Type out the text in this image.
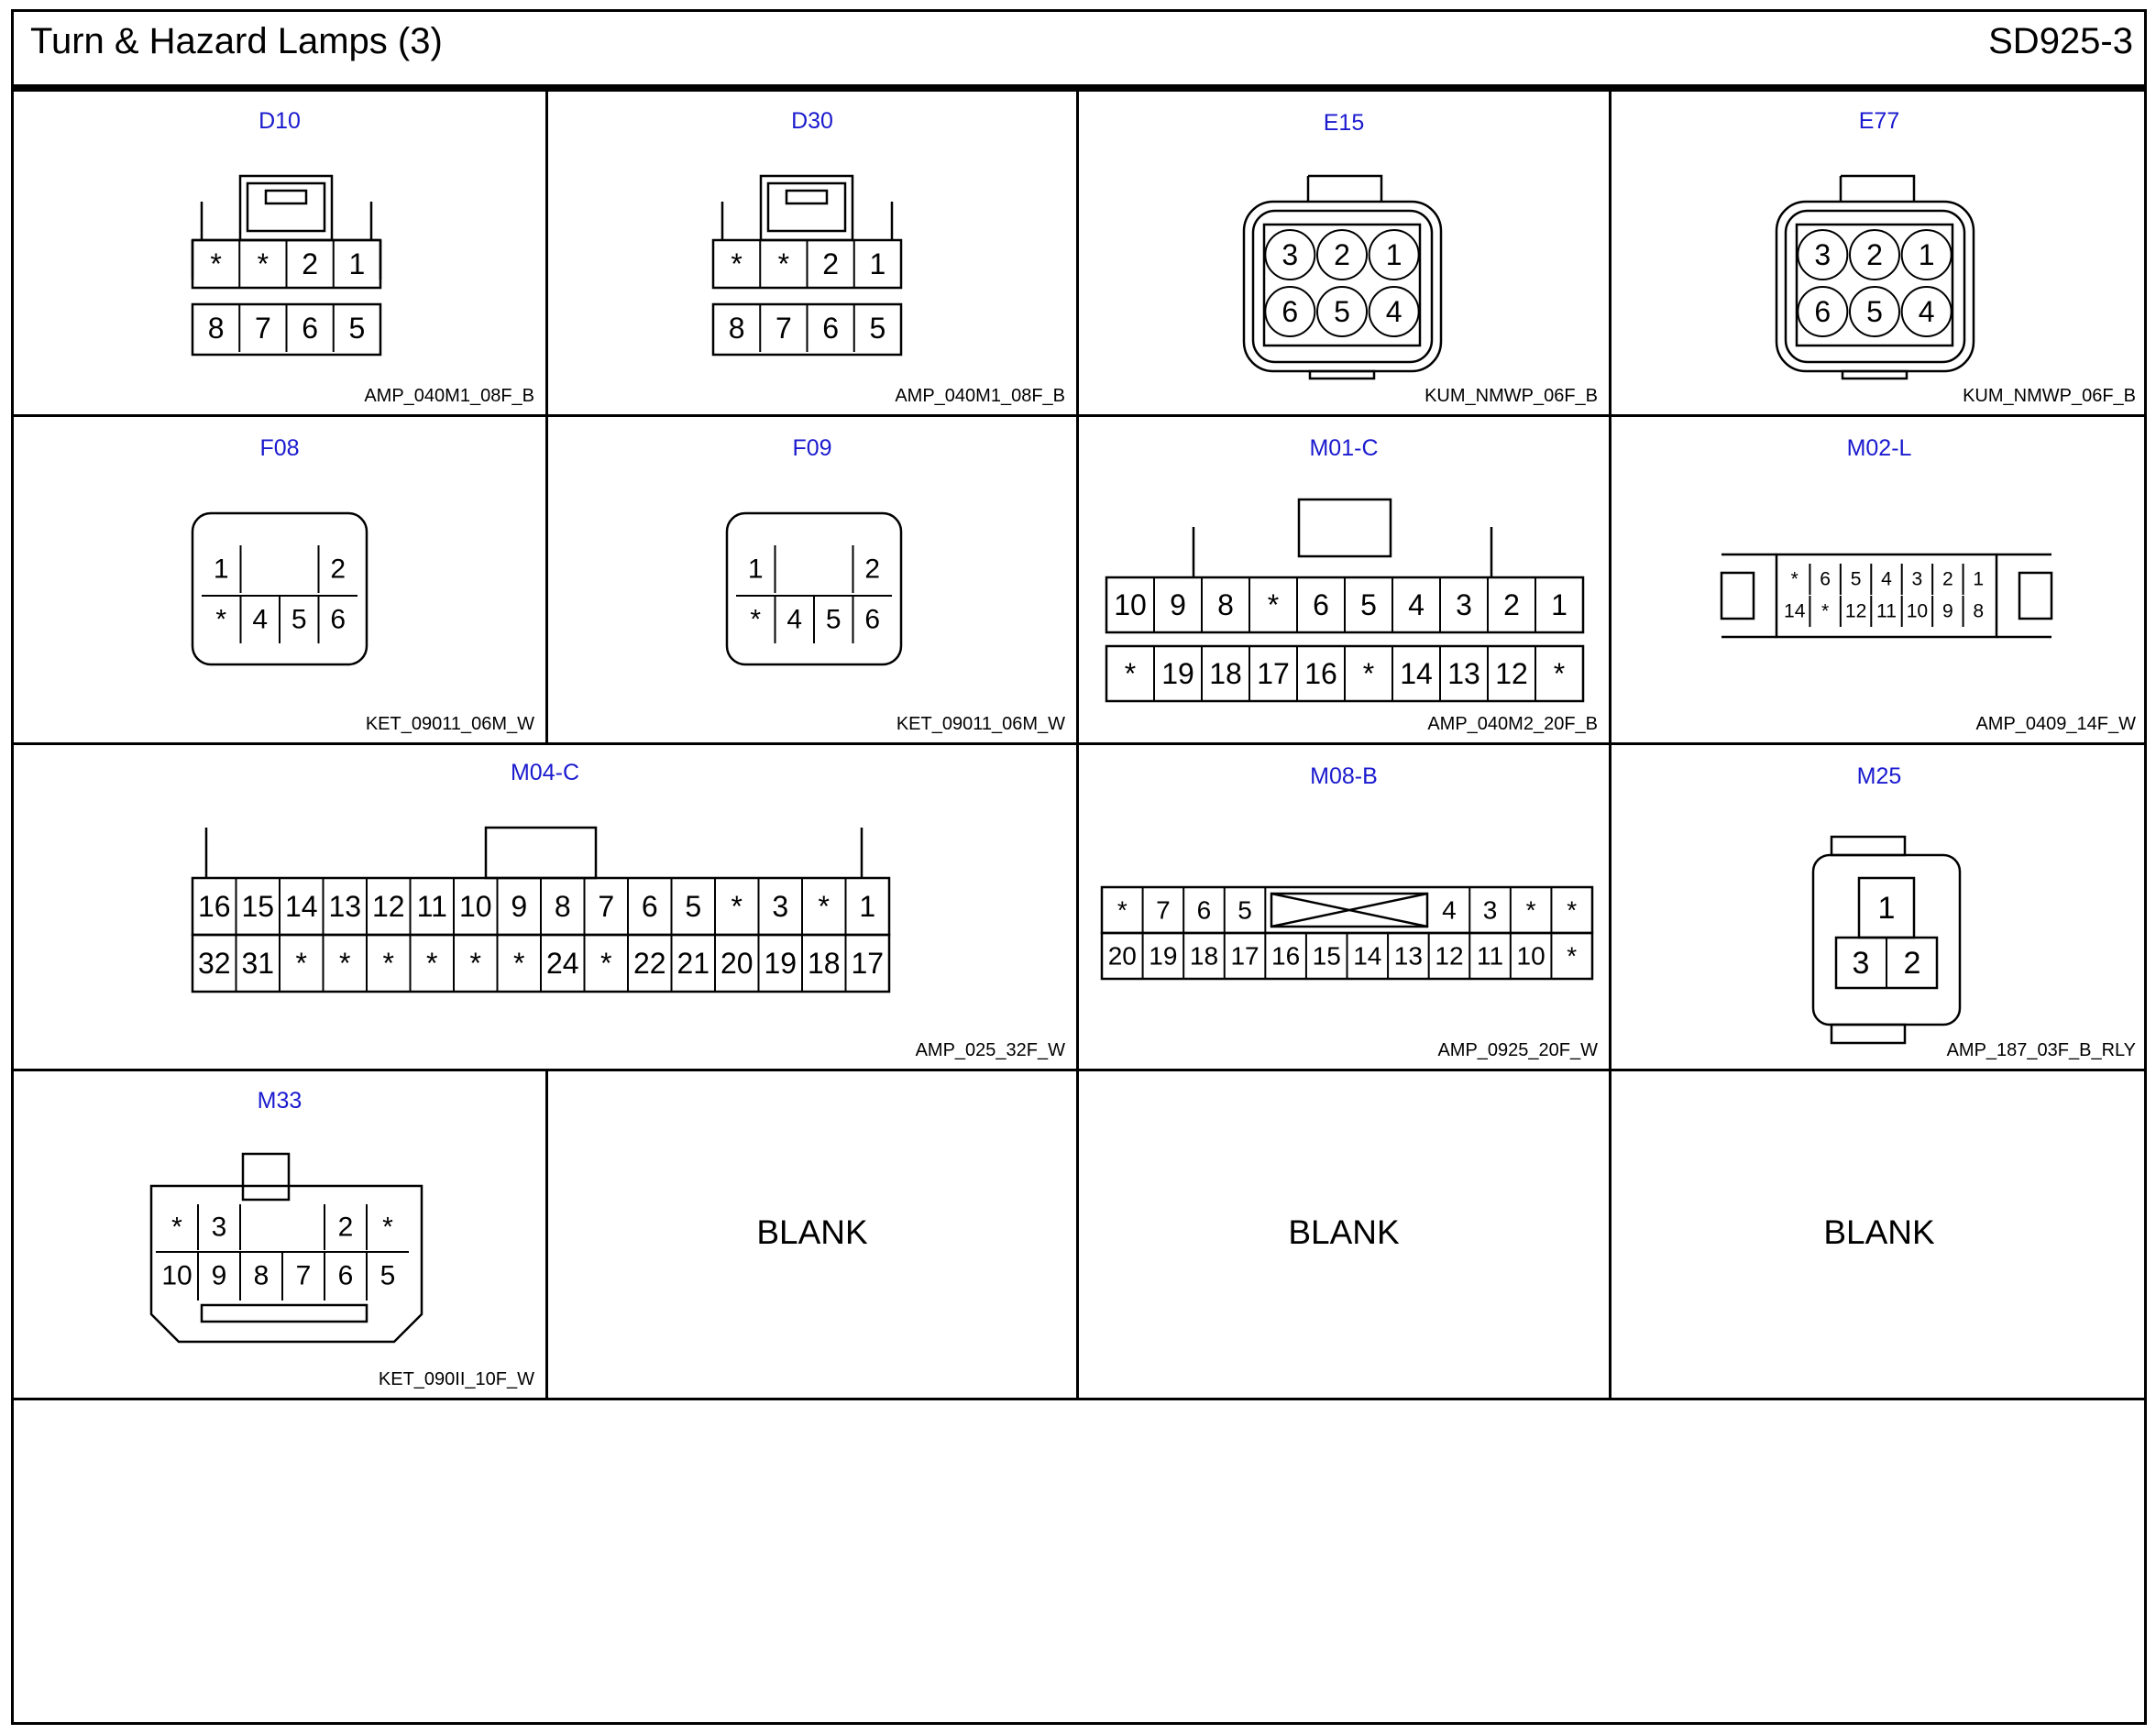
Turn & Hazard Lamps (3)	SD925-3
D10
* * 2 1
8 7 6 5
AMP_040M1_08F_B
D30
* * 2 1
8 7 6 5
AMP_040M1_08F_B
E15
3 2 1
6 5 4
KUM_NMWP_06F_B
E77
3 2 1
6 5 4
KUM_NMWP_06F_B
F08
1	2
* 4 5 6
KET_09011_06M_W
F09
1	2
* 4 5 6
KET_09011_06M_W
M01-C
10 9 8 * 6 5 4 3 2 1
* 19 18 17 16 * 14 13 12 *
AMP_040M2_20F_B
M02-L
* 6 5 4 3 2 1
14 * 12 11 10 9 8
AMP_0409_14F_W
M04-C
16 15 14 13 12 11 10 9 8 7 6 5 * 3 * 1
32 31 * * * * * * 24 * 22 21 20 19 18 17
AMP_025_32F_W
M08-B
* 7 6 5	4 3 * *
20 19 18 17 16 15 14 13 12 11 10 *
AMP_0925_20F_W
M25
1
3 2
AMP_187_03F_B_RLY
M33
* 3	2 *
10 9 8 7 6 5
KET_090II_10F_W
BLANK	BLANK	BLANK
